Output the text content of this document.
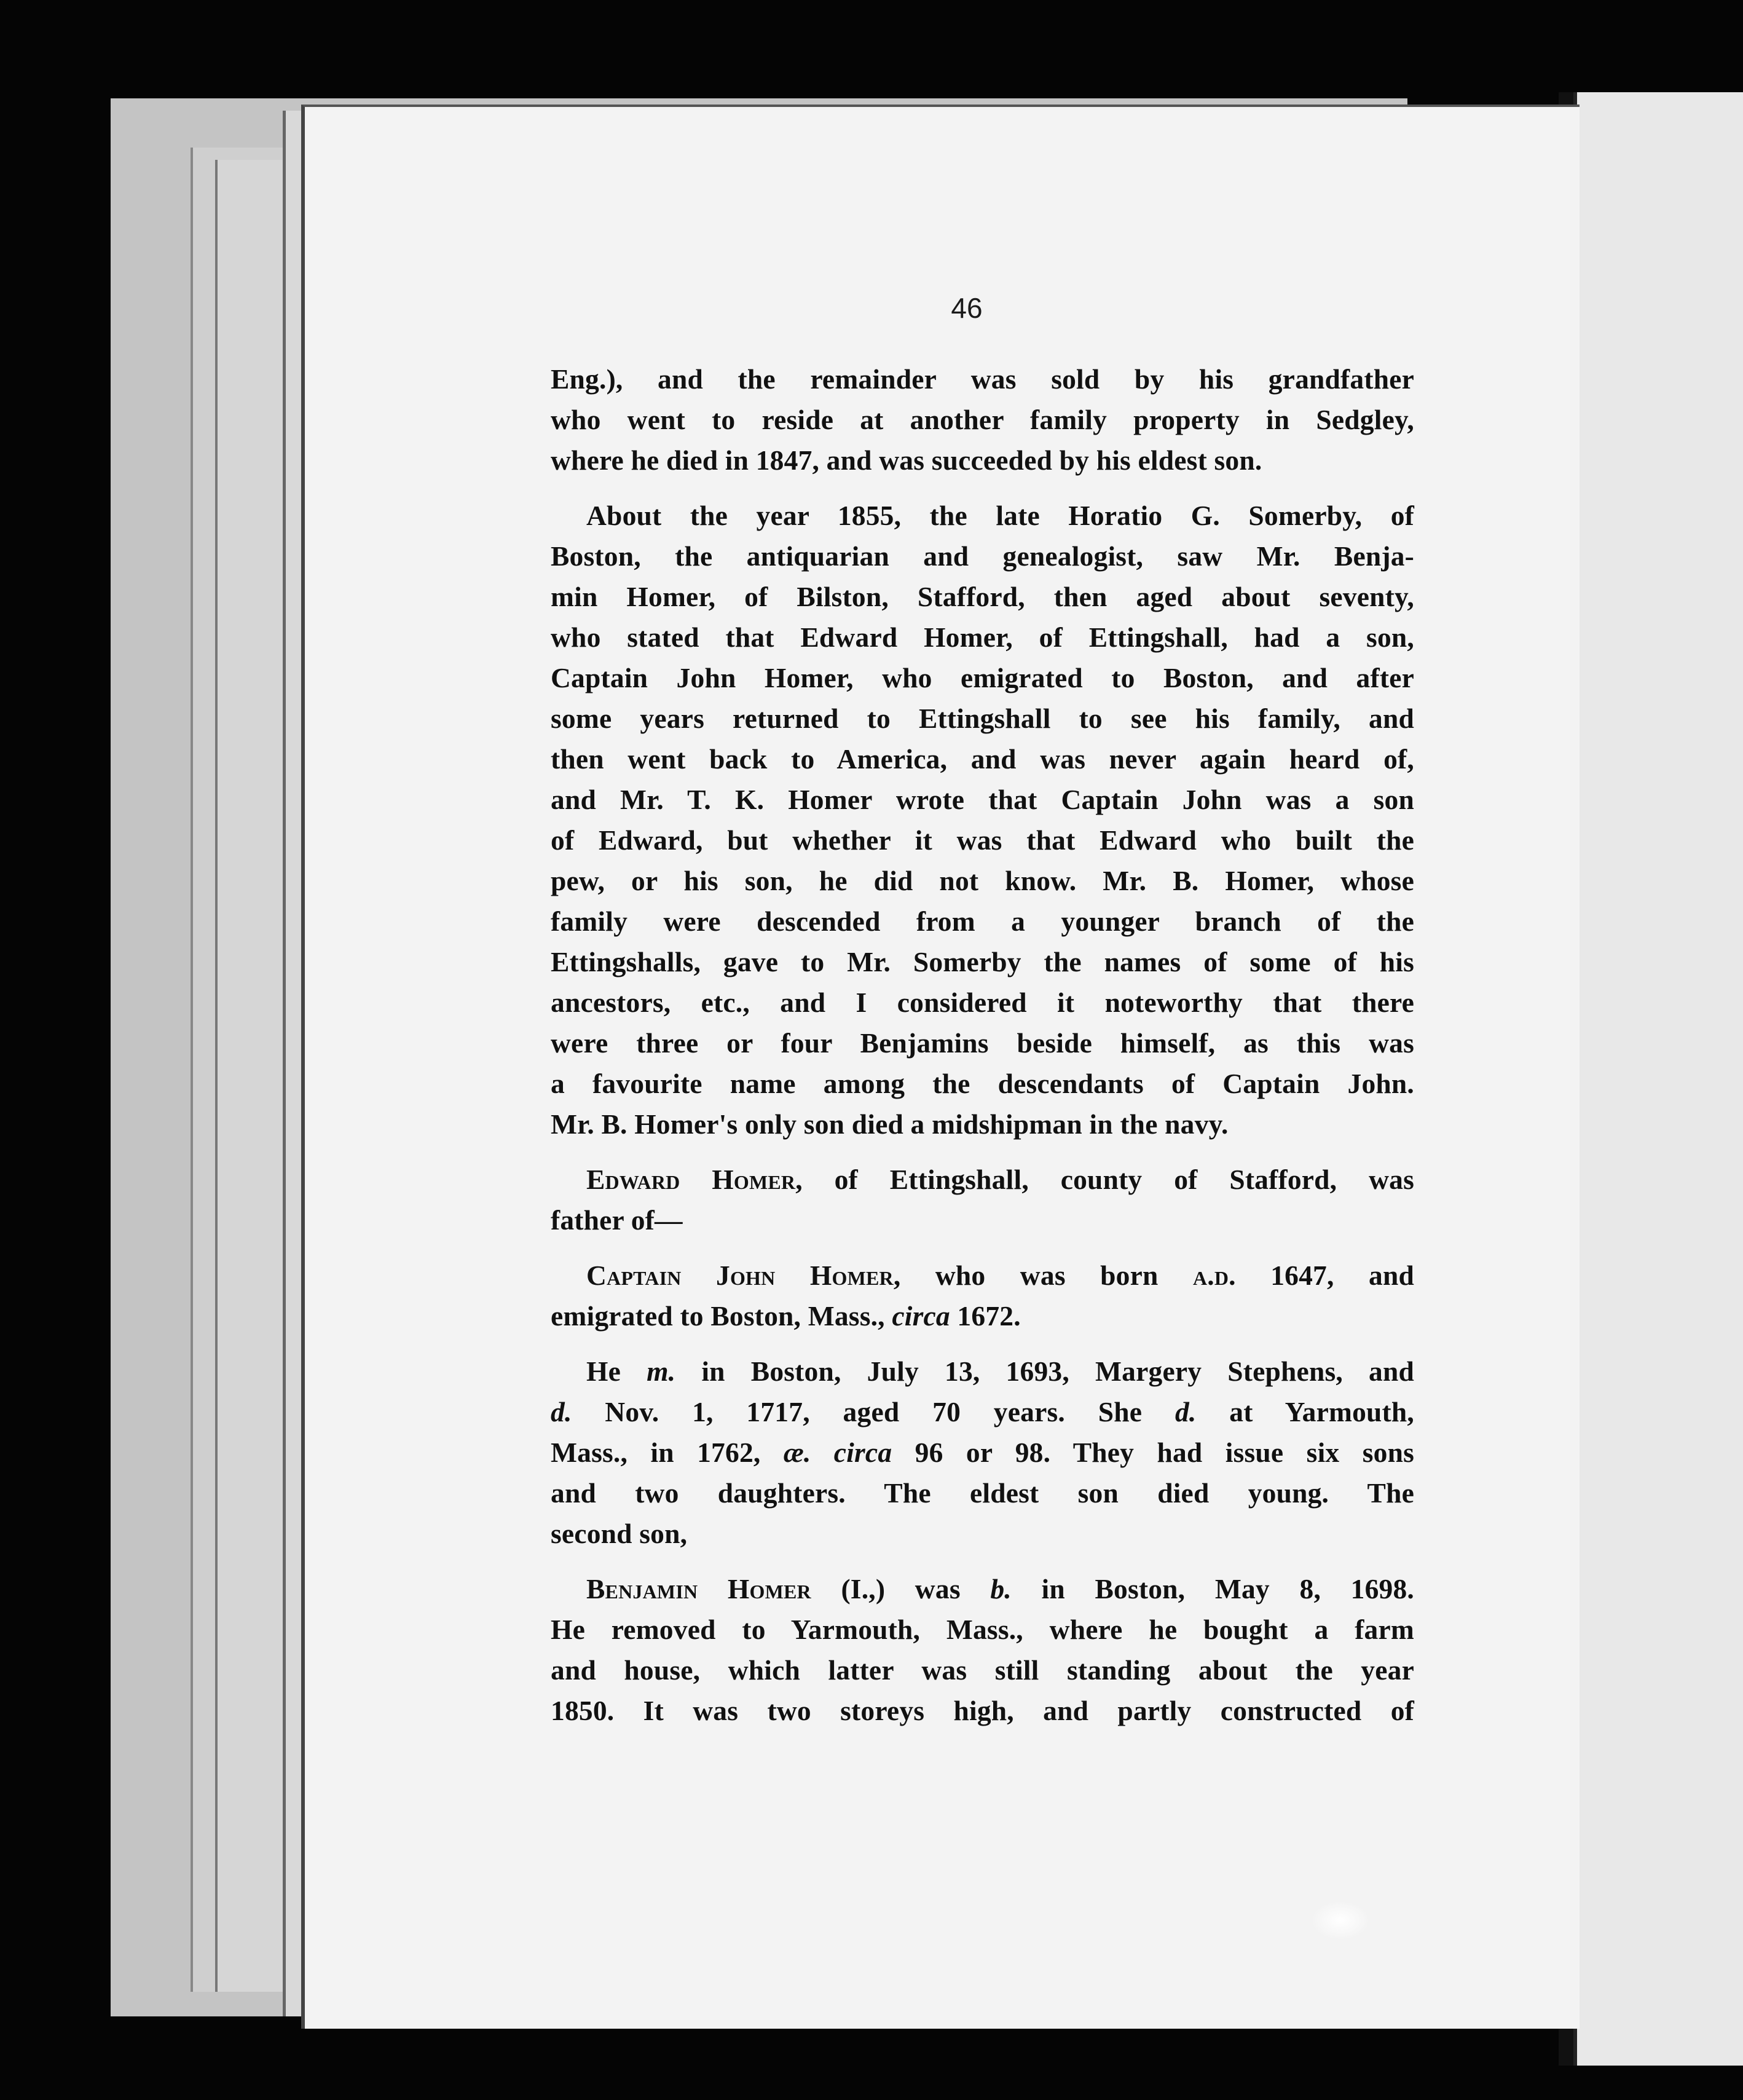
46
Eng.), and the remainder was sold by his grandfather
who went to reside at another family property in Sedgley,
where he died in 1847, and was succeeded by his eldest son.
About the year 1855, the late Horatio G. Somerby, of
Boston, the antiquarian and genealogist, saw Mr. Benja-
min Homer, of Bilston, Stafford, then aged about seventy,
who stated that Edward Homer, of Ettingshall, had a son,
Captain John Homer, who emigrated to Boston, and after
some years returned to Ettingshall to see his family, and
then went back to America, and was never again heard of,
and Mr. T. K. Homer wrote that Captain John was a son
of Edward, but whether it was that Edward who built the
pew, or his son, he did not know. Mr. B. Homer, whose
family were descended from a younger branch of the
Ettingshalls, gave to Mr. Somerby the names of some of his
ancestors, etc., and I considered it noteworthy that there
were three or four Benjamins beside himself, as this was
a favourite name among the descendants of Captain John.
Mr. B. Homer's only son died a midshipman in the navy.
Edward Homer, of Ettingshall, county of Stafford, was
father of—
Captain John Homer, who was born a.d. 1647, and
emigrated to Boston, Mass., circa 1672.
He m. in Boston, July 13, 1693, Margery Stephens, and
d. Nov. 1, 1717, aged 70 years. She d. at Yarmouth,
Mass., in 1762, æ. circa 96 or 98. They had issue six sons
and two daughters. The eldest son died young. The
second son,
Benjamin Homer (I.,) was b. in Boston, May 8, 1698.
He removed to Yarmouth, Mass., where he bought a farm
and house, which latter was still standing about the year
1850. It was two storeys high, and partly constructed of
